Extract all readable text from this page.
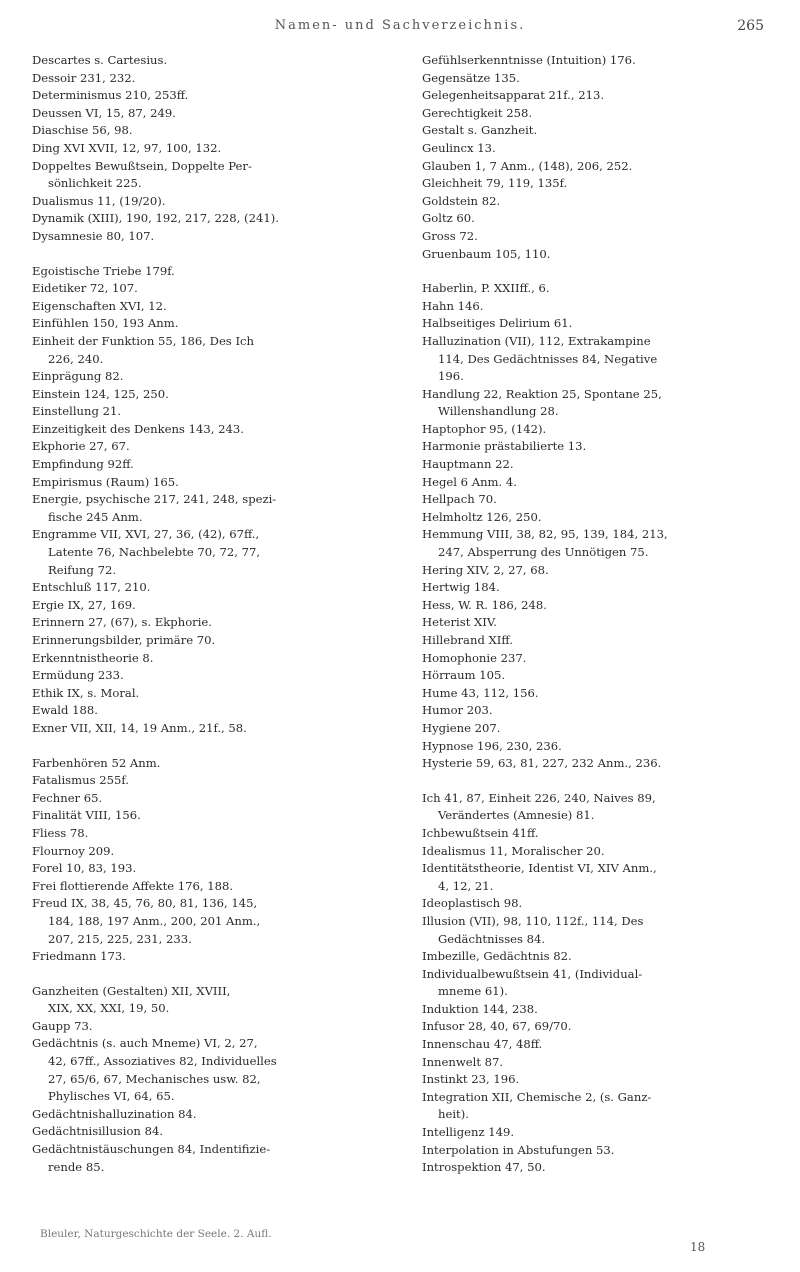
Namen- und Sachverzeichnis.	265
Descartes s. Cartesius.
Dessoir 231, 232.
Determinismus 210, 253ff.
Deussen VI, 15, 87, 249.
Diaschise 56, 98.
Ding XVI XVII, 12, 97, 100, 132.
Doppeltes Bewußtsein, Doppelte Per-
sönlichkeit 225.
Dualismus 11, (19/20).
Dynamik (XIII), 190, 192, 217, 228, (241).
Dysamnesie 80, 107.
Egoistische Triebe 179f.
Eidetiker 72, 107.
Eigenschaften XVI, 12.
Einfühlen 150, 193 Anm.
Einheit der Funktion 55, 186, Des Ich
226, 240.
Einprägung 82.
Einstein 124, 125, 250.
Einstellung 21.
Einzeitigkeit des Denkens 143, 243.
Ekphorie 27, 67.
Empfindung 92ff.
Empirismus (Raum) 165.
Energie, psychische 217, 241, 248, spezi-
fische 245 Anm.
Engramme VII, XVI, 27, 36, (42), 67ff.,
Latente 76, Nachbelebte 70, 72, 77,
Reifung 72.
Entschluß 117, 210.
Ergie IX, 27, 169.
Erinnern 27, (67), s. Ekphorie.
Erinnerungsbilder, primäre 70.
Erkenntnistheorie 8.
Ermüdung 233.
Ethik IX, s. Moral.
Ewald 188.
Exner VII, XII, 14, 19 Anm., 21f., 58.
Farbenhören 52 Anm.
Fatalismus 255f.
Fechner 65.
Finalität VIII, 156.
Fliess 78.
Flournoy 209.
Forel 10, 83, 193.
Frei flottierende Affekte 176, 188.
Freud IX, 38, 45, 76, 80, 81, 136, 145,
184, 188, 197 Anm., 200, 201 Anm.,
207, 215, 225, 231, 233.
Friedmann 173.
Ganzheiten (Gestalten) XII, XVIII,
XIX, XX, XXI, 19, 50.
Gaupp 73.
Gedächtnis (s. auch Mneme) VI, 2, 27,
42, 67ff., Assoziatives 82, Individuelles
27, 65/6, 67, Mechanisches usw. 82,
Phylisches VI, 64, 65.
Gedächtnishalluzination 84.
Gedächtnisillusion 84.
Gedächtnistäuschungen 84, Indentifizie-
rende 85.
Gefühlserkenntnisse (Intuition) 176.
Gegensätze 135.
Gelegenheitsapparat 21f., 213.
Gerechtigkeit 258.
Gestalt s. Ganzheit.
Geulincx 13.
Glauben 1, 7 Anm., (148), 206, 252.
Gleichheit 79, 119, 135f.
Goldstein 82.
Goltz 60.
Gross 72.
Gruenbaum 105, 110.
Haberlin, P. XXIIff., 6.
Hahn 146.
Halbseitiges Delirium 61.
Halluzination (VII), 112, Extrakampine
114, Des Gedächtnisses 84, Negative
196.
Handlung 22, Reaktion 25, Spontane 25,
Willenshandlung 28.
Haptophor 95, (142).
Harmonie prästabilierte 13.
Hauptmann 22.
Hegel 6 Anm. 4.
Hellpach 70.
Helmholtz 126, 250.
Hemmung VIII, 38, 82, 95, 139, 184, 213,
247, Absperrung des Unnötigen 75.
Hering XIV, 2, 27, 68.
Hertwig 184.
Hess, W. R. 186, 248.
Heterist XIV.
Hillebrand XIff.
Homophonie 237.
Hörraum 105.
Hume 43, 112, 156.
Humor 203.
Hygiene 207.
Hypnose 196, 230, 236.
Hysterie 59, 63, 81, 227, 232 Anm., 236.
Ich 41, 87, Einheit 226, 240, Naives 89,
Verändertes (Amnesie) 81.
Ichbewußtsein 41ff.
Idealismus 11, Moralischer 20.
Identitätstheorie, Identist VI, XIV Anm.,
4, 12, 21.
Ideoplastisch 98.
Illusion (VII), 98, 110, 112f., 114, Des
Gedächtnisses 84.
Imbezille, Gedächtnis 82.
Individualbewußtsein 41, (Individual-
mneme 61).
Induktion 144, 238.
Infusor 28, 40, 67, 69/70.
Innenschau 47, 48ff.
Innenwelt 87.
Instinkt 23, 196.
Integration XII, Chemische 2, (s. Ganz-
heit).
Intelligenz 149.
Interpolation in Abstufungen 53.
Introspektion 47, 50.
Bleuler, Naturgeschichte der Seele. 2. Aufl.
18
